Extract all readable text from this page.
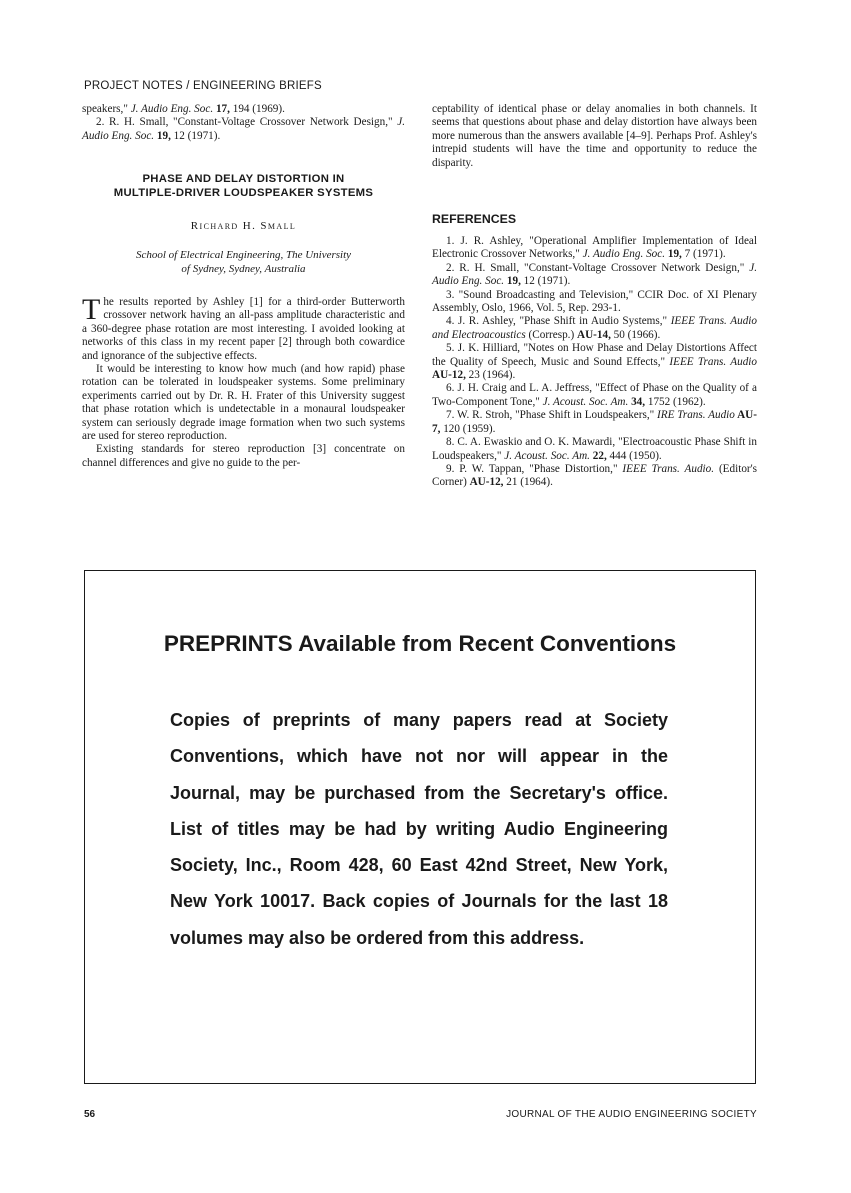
PROJECT NOTES / ENGINEERING BRIEFS

speakers," J. Audio Eng. Soc. 17, 194 (1969).

2. R. H. Small, "Constant-Voltage Crossover Network Design," J. Audio Eng. Soc. 19, 12 (1971).

PHASE AND DELAY DISTORTION IN
MULTIPLE-DRIVER LOUDSPEAKER SYSTEMS
Richard H. Small
School of Electrical Engineering, The University
of Sydney, Sydney, Australia

The results reported by Ashley [1] for a third-order Butterworth crossover network having an all-pass amplitude characteristic and a 360-degree phase rotation are most interesting. I avoided looking at networks of this class in my recent paper [2] through both cowardice and ignorance of the subjective effects.

It would be interesting to know how much (and how rapid) phase rotation can be tolerated in loudspeaker systems. Some preliminary experiments carried out by Dr. R. H. Frater of this University suggest that phase rotation which is undetectable in a monaural loudspeaker system can seriously degrade image formation when two such systems are used for stereo reproduction.

Existing standards for stereo reproduction [3] concentrate on channel differences and give no guide to the per-

ceptability of identical phase or delay anomalies in both channels. It seems that questions about phase and delay distortion have always been more numerous than the answers available [4–9]. Perhaps Prof. Ashley's intrepid students will have the time and opportunity to reduce the disparity.

REFERENCES

1. J. R. Ashley, "Operational Amplifier Implementation of Ideal Electronic Crossover Networks," J. Audio Eng. Soc. 19, 7 (1971).

2. R. H. Small, "Constant-Voltage Crossover Network Design," J. Audio Eng. Soc. 19, 12 (1971).

3. "Sound Broadcasting and Television," CCIR Doc. of XI Plenary Assembly, Oslo, 1966, Vol. 5, Rep. 293-1.

4. J. R. Ashley, "Phase Shift in Audio Systems," IEEE Trans. Audio and Electroacoustics (Corresp.) AU-14, 50 (1966).

5. J. K. Hilliard, "Notes on How Phase and Delay Distortions Affect the Quality of Speech, Music and Sound Effects," IEEE Trans. Audio AU-12, 23 (1964).

6. J. H. Craig and L. A. Jeffress, "Effect of Phase on the Quality of a Two-Component Tone," J. Acoust. Soc. Am. 34, 1752 (1962).

7. W. R. Stroh, "Phase Shift in Loudspeakers," IRE Trans. Audio AU-7, 120 (1959).

8. C. A. Ewaskio and O. K. Mawardi, "Electroacoustic Phase Shift in Loudspeakers," J. Acoust. Soc. Am. 22, 444 (1950).

9. P. W. Tappan, "Phase Distortion," IEEE Trans. Audio. (Editor's Corner) AU-12, 21 (1964).

PREPRINTS Available from Recent Conventions
Copies of preprints of many papers read at Society Conventions, which have not nor will appear in the Journal, may be purchased from the Secretary's office. List of titles may be had by writing Audio Engineering Society, Inc., Room 428, 60 East 42nd Street, New York, New York 10017. Back copies of Journals for the last 18 volumes may also be ordered from this address.
56	JOURNAL OF THE AUDIO ENGINEERING SOCIETY
